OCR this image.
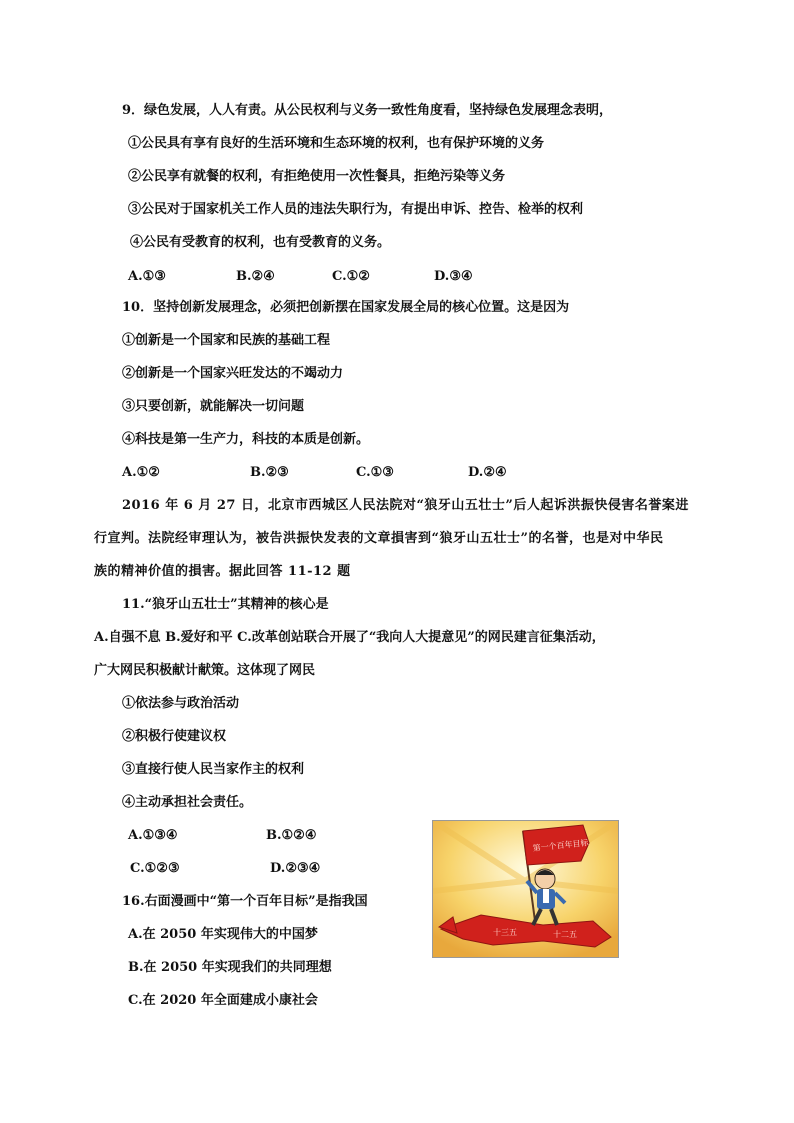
9．绿色发展，人人有责。从公民权利与义务一致性角度看，坚持绿色发展理念表明，
①公民具有享有良好的生活环境和生态环境的权利，也有保护环境的义务
②公民享有就餐的权利，有拒绝使用一次性餐具，拒绝污染等义务
③公民对于国家机关工作人员的违法失职行为，有提出申诉、控告、检举的权利
④公民有受教育的权利，也有受教育的义务。
A.①③	B.②④	C.①②	D.③④
10．坚持创新发展理念，必须把创新摆在国家发展全局的核心位置。这是因为
①创新是一个国家和民族的基础工程
②创新是一个国家兴旺发达的不竭动力
③只要创新，就能解决一切问题
④科技是第一生产力，科技的本质是创新。
A.①②	B.②③	C.①③	D.②④
2016 年 6 月 27 日，北京市西城区人民法院对“狼牙山五壮士”后人起诉洪振快侵害名誉案进
行宣判。法院经审理认为，被告洪振快发表的文章損害到“狼牙山五壮士”的名誉，也是对中华民
族的精神价值的損害。据此回答 11-12 题
11.“狼牙山五壮士”其精神的核心是
A.自强不息 B.爱好和平 C.改革创站联合开展了“我向人大提意见”的网民建言征集活动，
广大网民积极献计献策。这体现了网民
①依法参与政治活动
②积极行使建议权
③直接行使人民当家作主的权利
④主动承担社会责任。
A.①③④	B.①②④
C.①②③	D.②③④
16.右面漫画中“第一个百年目标”是指我国
A.在 2050 年实现伟大的中国梦
B.在 2050 年实现我们的共同理想
C.在 2020 年全面建成小康社会
十三五	十二五
第一个百年目标
